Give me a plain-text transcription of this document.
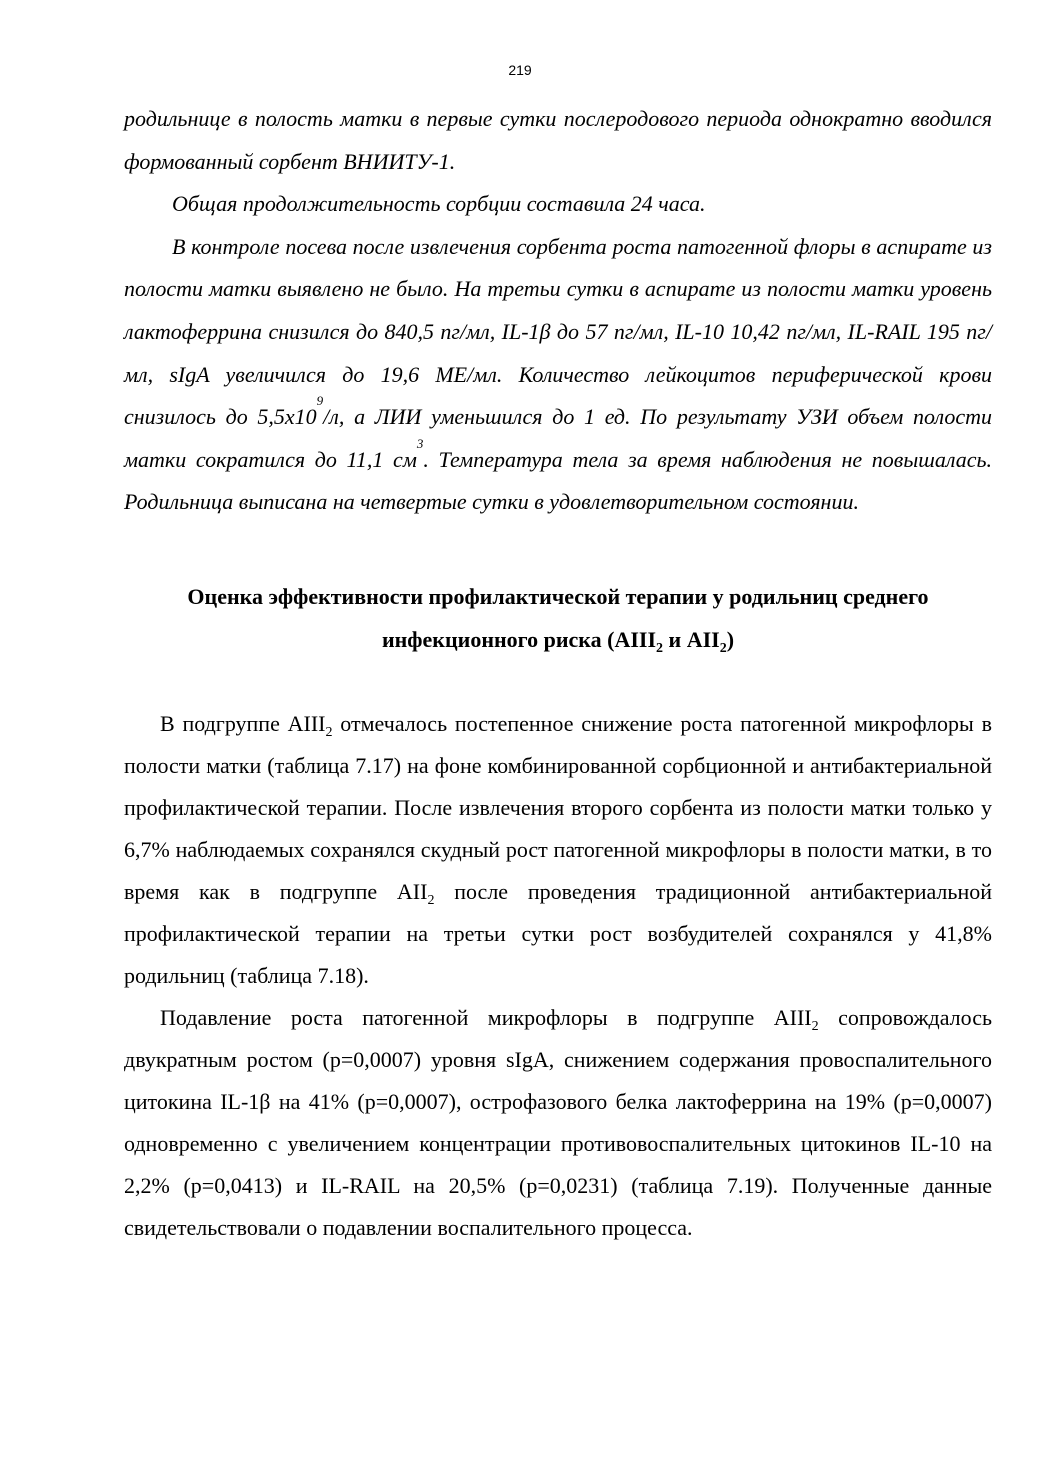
219

родильнице в полость матки в первые сутки послеродового периода однократно вводился формованный сорбент ВНИИТУ-1.

Общая продолжительность сорбции составила 24 часа.

В контроле посева после извлечения сорбента роста патогенной флоры в аспирате из полости матки выявлено не было. На третьи сутки в аспирате из полости матки уровень лактоферрина снизился до 840,5 пг/мл, IL-1β до 57 пг/мл, IL-10 10,42 пг/мл, IL-RAIL 195 пг/мл, sIgA увеличился до 19,6 МЕ/мл. Количество лейкоцитов периферической крови снизилось до $5,5х10^9/л$, а ЛИИ уменьшился до 1 ед. По результату УЗИ объем полости матки сократился до 11,1 $см^3$. Температура тела за время наблюдения не повышалась. Родильница выписана на четвертые сутки в удовлетворительном состоянии.

Оценка эффективности профилактической терапии у родильниц среднего
инфекционного риска ($АIII_2$ и $АII_2$)

В подгруппе $АIII_2$ отмечалось постепенное снижение роста патогенной микрофлоры в полости матки (таблица 7.17) на фоне комбинированной сорбционной и антибактериальной профилактической терапии. После извлечения второго сорбента из полости матки только у 6,7% наблюдаемых сохранялся скудный рост патогенной микрофлоры в полости матки, в то время как в подгруппе $АII_2$ после проведения традиционной антибактериальной профилактической терапии на третьи сутки рост возбудителей сохранялся у 41,8% родильниц (таблица 7.18).

Подавление роста патогенной микрофлоры в подгруппе $АIII_2$ сопровождалось двукратным ростом (р=0,0007) уровня sIgA, снижением содержания провоспалительного цитокина IL-1β на 41% (р=0,0007), острофазового белка лактоферрина на 19% (р=0,0007) одновременно с увеличением концентрации противовоспалительных цитокинов IL-10 на 2,2% (р=0,0413) и IL-RAIL на 20,5% (р=0,0231) (таблица 7.19). Полученные данные свидетельствовали о подавлении воспалительного процесса.
